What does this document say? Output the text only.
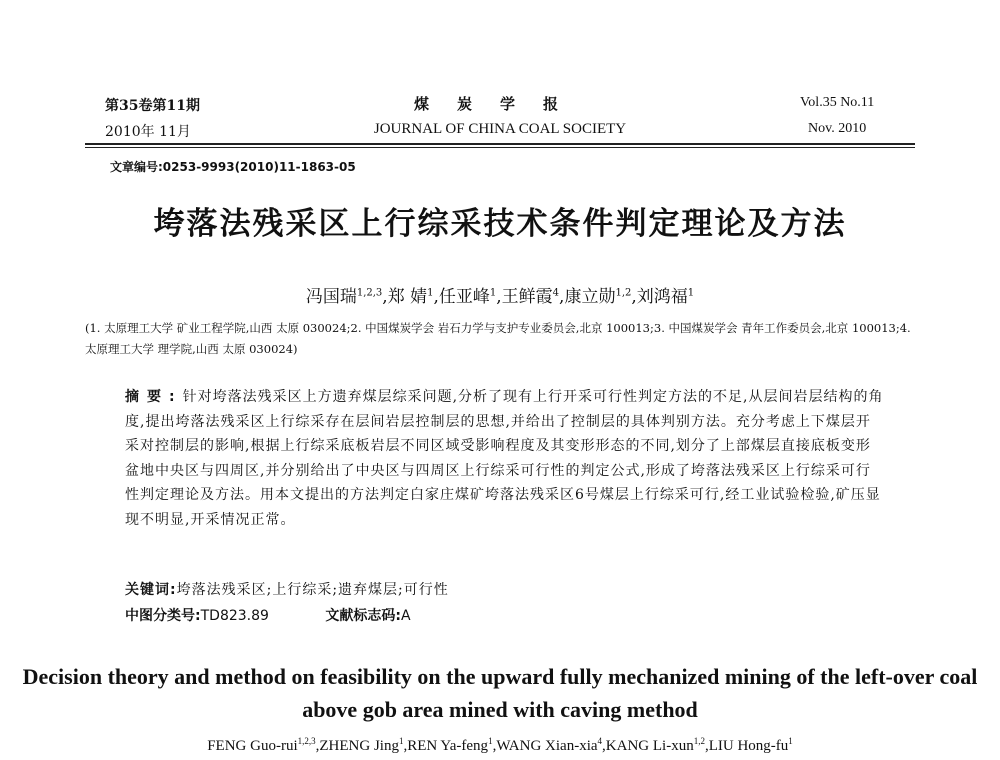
第35卷第11期	煤炭学报	Vol.35 No.11
2010年 11月	JOURNAL OF CHINA COAL SOCIETY	Nov. 2010
文章编号:0253-9993(2010)11-1863-05
垮落法残采区上行综采技术条件判定理论及方法
冯国瑞$^{1,2,3}$,郑 婧$^1$,任亚峰$^1$,王鲜霞$^4$,康立勋$^{1,2}$,刘鸿福$^1$
(1. 太原理工大学 矿业工程学院,山西 太原 030024;2. 中国煤炭学会 岩石力学与支护专业委员会,北京 100013;3. 中国煤炭学会 青年工作委员会,北京 100013;4. 太原理工大学 理学院,山西 太原 030024)
摘要:针对垮落法残采区上方遗弃煤层综采问题,分析了现有上行开采可行性判定方法的不足,从层间岩层结构的角度,提出垮落法残采区上行综采存在层间岩层控制层的思想,并给出了控制层的具体判别方法。充分考虑上下煤层开采对控制层的影响,根据上行综采底板岩层不同区域受影响程度及其变形形态的不同,划分了上部煤层直接底板变形盆地中央区与四周区,并分别给出了中央区与四周区上行综采可行性的判定公式,形成了垮落法残采区上行综采可行性判定理论及方法。用本文提出的方法判定白家庄煤矿垮落法残采区6号煤层上行综采可行,经工业试验检验,矿压显现不明显,开采情况正常。
关键词:垮落法残采区;上行综采;遗弃煤层;可行性
中图分类号:TD823.89	文献标志码:A
Decision theory and method on feasibility on the upward fully mechanized mining of the left-over coal above gob area mined with caving method
FENG Guo-rui$^{1,2,3}$,ZHENG Jing$^1$,REN Ya-feng$^1$,WANG Xian-xia$^4$,KANG Li-xun$^{1,2}$,LIU Hong-$fu^1$
